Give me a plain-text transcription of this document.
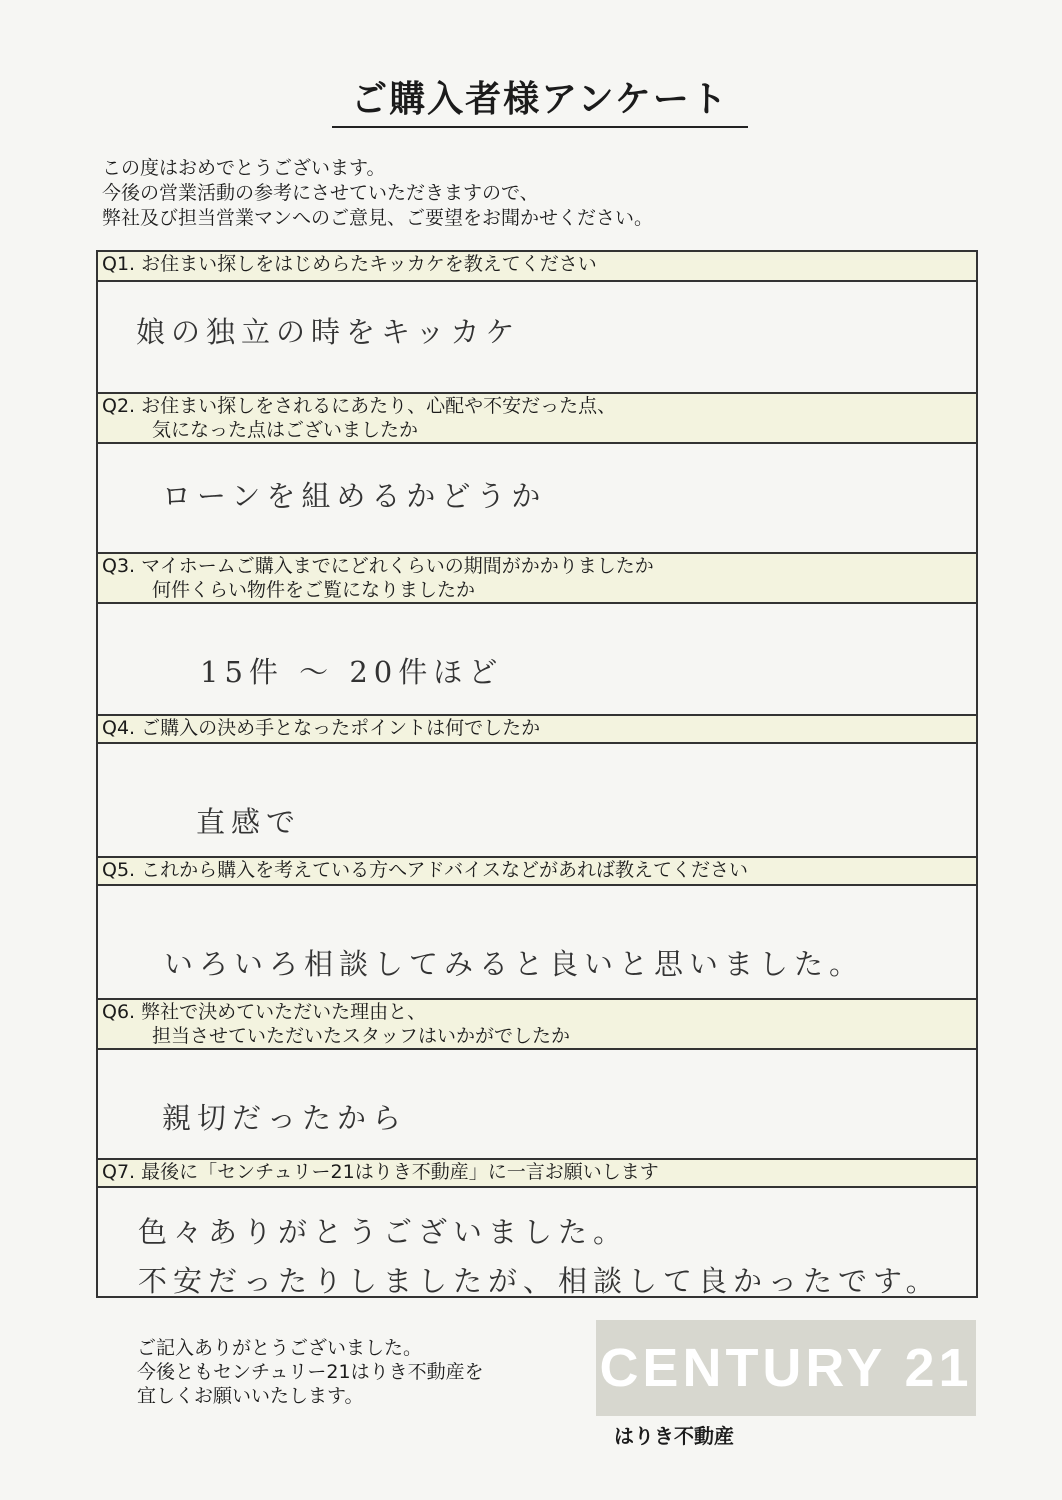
ご購入者様アンケート
この度はおめでとうございます。
今後の営業活動の参考にさせていただきますので、
弊社及び担当営業マンへのご意見、ご要望をお聞かせください。
Q1. お住まい探しをはじめらたキッカケを教えてください
娘の独立の時をキッカケ
Q2. お住まい探しをされるにあたり、心配や不安だった点、
気になった点はございましたか
ローンを組めるかどうか
Q3. マイホームご購入までにどれくらいの期間がかかりましたか
何件くらい物件をご覧になりましたか
15件 ～ 20件ほど
Q4. ご購入の決め手となったポイントは何でしたか
直感で
Q5. これから購入を考えている方へアドバイスなどがあれば教えてください
いろいろ相談してみると良いと思いました。
Q6. 弊社で決めていただいた理由と、
担当させていただいたスタッフはいかがでしたか
親切だったから
Q7. 最後に「センチュリー21はりき不動産」に一言お願いします
色々ありがとうございました。
不安だったりしましたが、相談して良かったです。
ご記入ありがとうございました。
今後ともセンチュリー21はりき不動産を
宜しくお願いいたします。	CENTURY 21
はりき不動産
